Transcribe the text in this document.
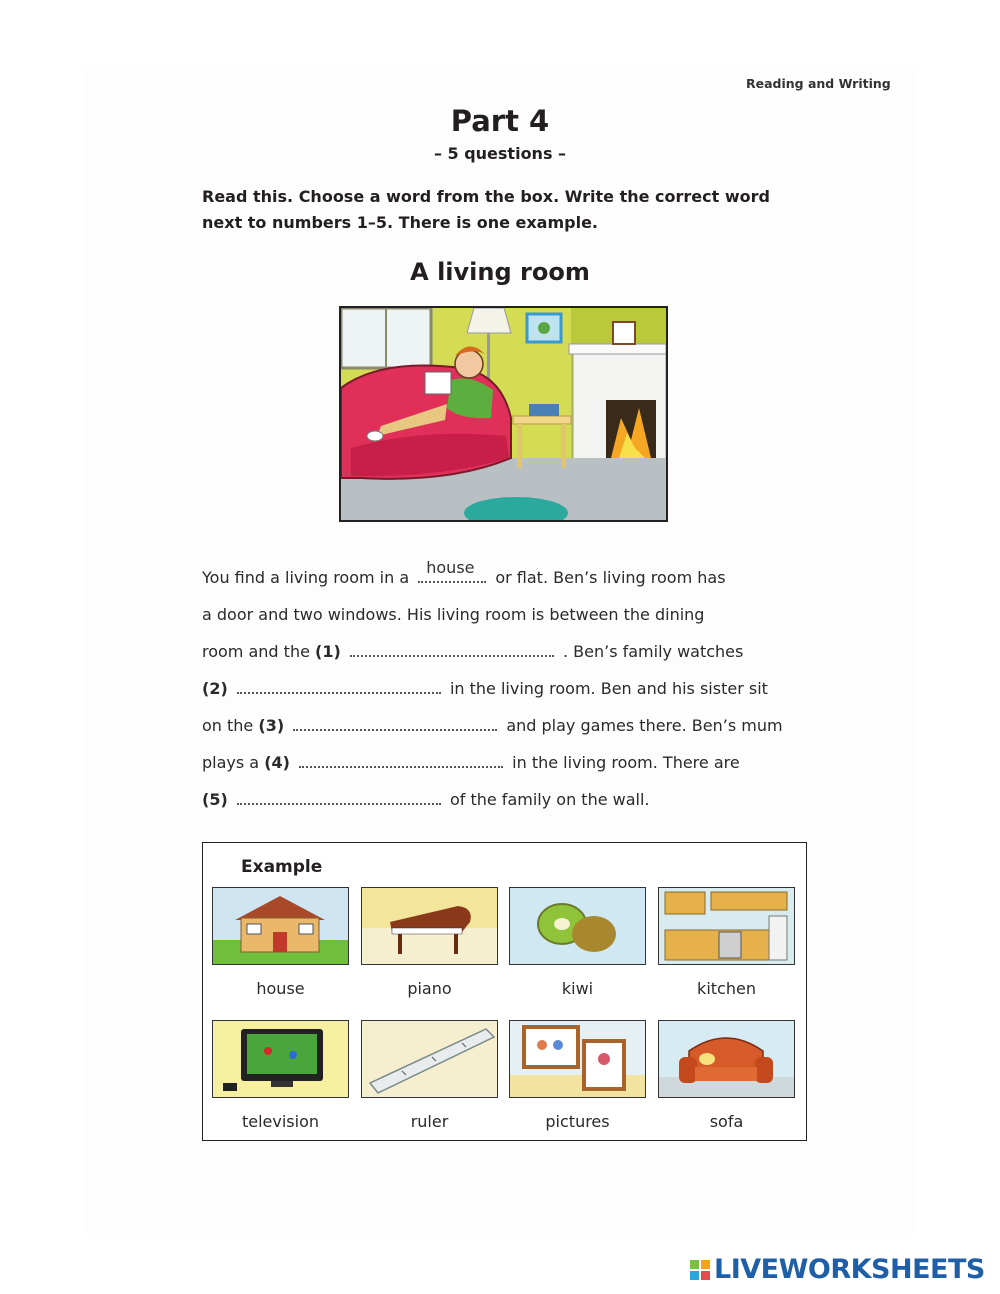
Reading and Writing
Part 4
– 5 questions –
Read this. Choose a word from the box. Write the correct word next to numbers 1–5. There is one example.
A living room
You find a living room in a
house
or flat. Ben’s living room has
a door and two windows. His living room is between the dining
room and the (1)	. Ben’s family watches
(2)	in the living room. Ben and his sister sit
on the (3)	and play games there. Ben’s mum
plays a (4)	in the living room. There are
(5)	of the family on the wall.
Example
house	piano	kiwi	kitchen
television	ruler	pictures	sofa
LIVEWORKSHEETS
